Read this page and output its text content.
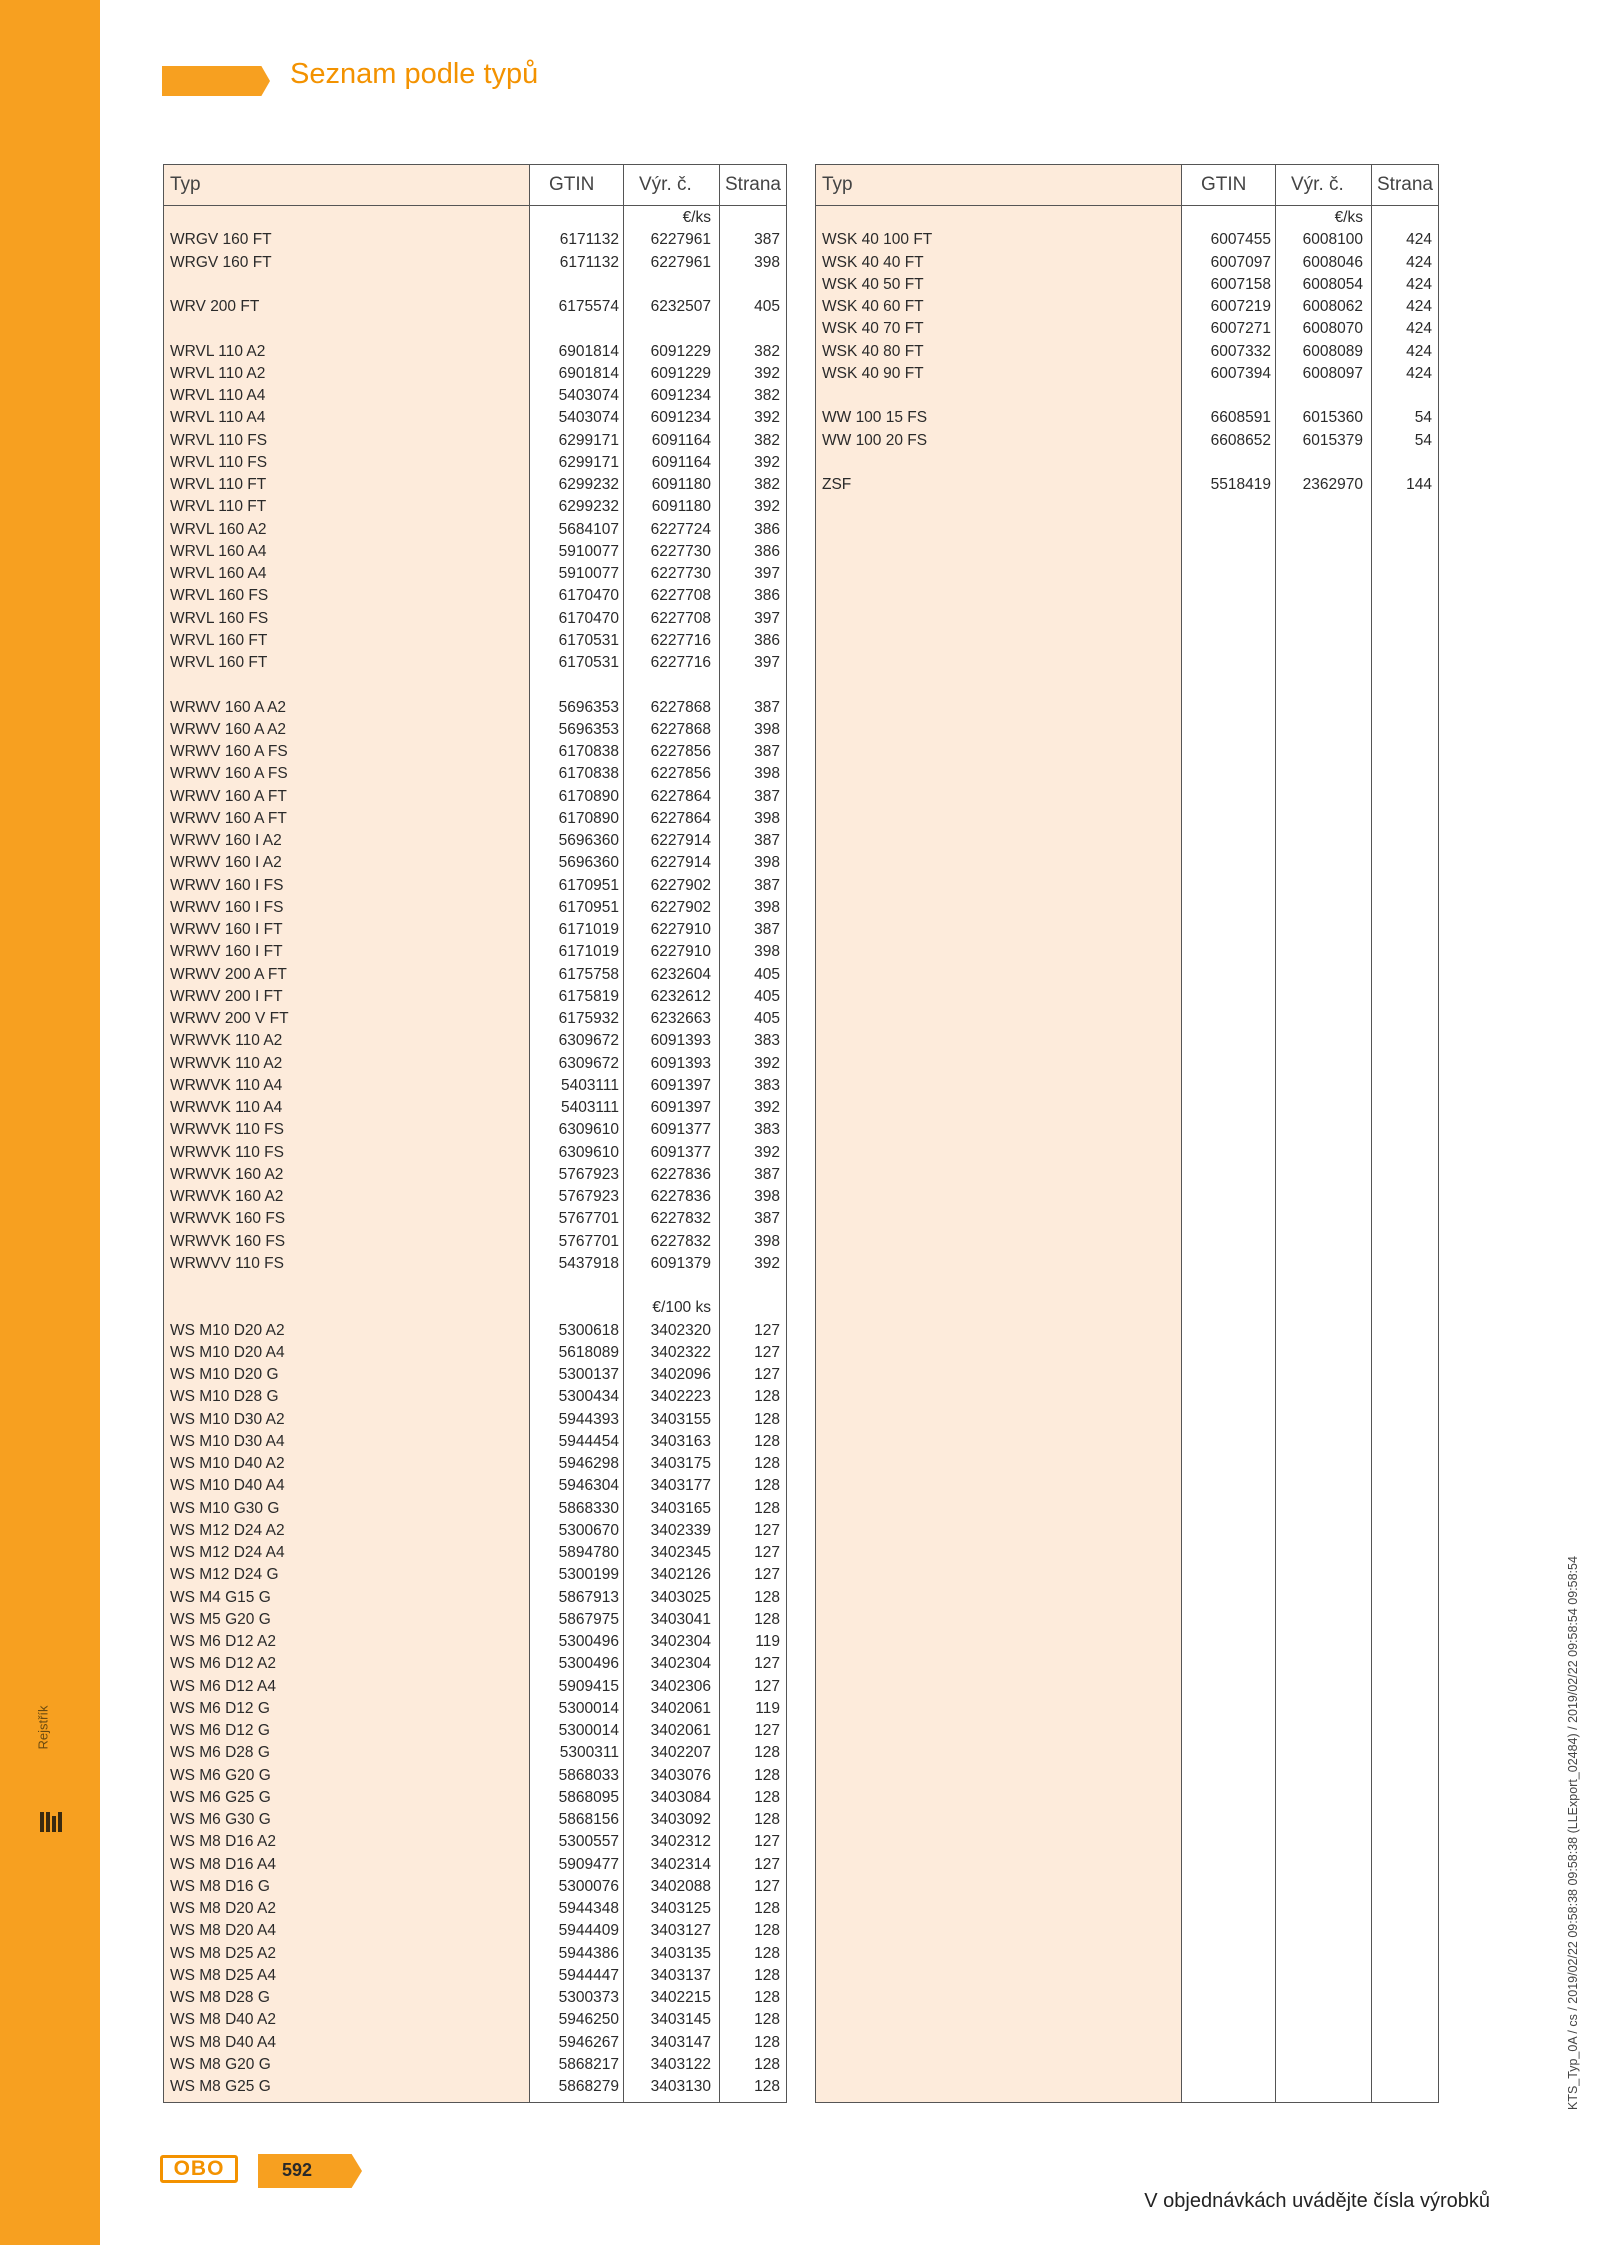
Rejstřík
Seznam podle typů
Typ	GTIN Výr. č. Strana
€/ks
WRGV 160 FT	6171132 6227961	387
WRGV 160 FT	6171132 6227961	398
WRV 200 FT	6175574 6232507	405
WRVL 110 A2	6901814 6091229	382
WRVL 110 A2	6901814 6091229	392
WRVL 110 A4	5403074 6091234	382
WRVL 110 A4	5403074 6091234	392
WRVL 110 FS	6299171 6091164	382
WRVL 110 FS	6299171 6091164	392
WRVL 110 FT	6299232 6091180	382
WRVL 110 FT	6299232 6091180	392
WRVL 160 A2	5684107 6227724	386
WRVL 160 A4	5910077 6227730	386
WRVL 160 A4	5910077 6227730	397
WRVL 160 FS	6170470 6227708	386
WRVL 160 FS	6170470 6227708	397
WRVL 160 FT	6170531 6227716	386
WRVL 160 FT	6170531 6227716	397
WRWV 160 A A2	5696353 6227868	387
WRWV 160 A A2	5696353 6227868	398
WRWV 160 A FS	6170838 6227856	387
WRWV 160 A FS	6170838 6227856	398
WRWV 160 A FT	6170890 6227864	387
WRWV 160 A FT	6170890 6227864	398
WRWV 160 I A2	5696360 6227914	387
WRWV 160 I A2	5696360 6227914	398
WRWV 160 I FS	6170951 6227902	387
WRWV 160 I FS	6170951 6227902	398
WRWV 160 I FT	6171019 6227910	387
WRWV 160 I FT	6171019 6227910	398
WRWV 200 A FT	6175758 6232604	405
WRWV 200 I FT	6175819 6232612	405
WRWV 200 V FT	6175932 6232663	405
WRWVK 110 A2	6309672 6091393	383
WRWVK 110 A2	6309672 6091393	392
WRWVK 110 A4	5403111 6091397	383
WRWVK 110 A4	5403111 6091397	392
WRWVK 110 FS	6309610 6091377	383
WRWVK 110 FS	6309610 6091377	392
WRWVK 160 A2	5767923 6227836	387
WRWVK 160 A2	5767923 6227836	398
WRWVK 160 FS	5767701 6227832	387
WRWVK 160 FS	5767701 6227832	398
WRWVV 110 FS	5437918 6091379	392
€/100 ks
WS M10 D20 A2	5300618 3402320	127
WS M10 D20 A4	5618089 3402322	127
WS M10 D20 G	5300137 3402096	127
WS M10 D28 G	5300434 3402223	128
WS M10 D30 A2	5944393 3403155	128
WS M10 D30 A4	5944454 3403163	128
WS M10 D40 A2	5946298 3403175	128
WS M10 D40 A4	5946304 3403177	128
WS M10 G30 G	5868330 3403165	128
WS M12 D24 A2	5300670 3402339	127
WS M12 D24 A4	5894780 3402345	127
WS M12 D24 G	5300199 3402126	127
WS M4 G15 G	5867913 3403025	128
WS M5 G20 G	5867975 3403041	128
WS M6 D12 A2	5300496 3402304	119
WS M6 D12 A2	5300496 3402304	127
WS M6 D12 A4	5909415 3402306	127
WS M6 D12 G	5300014 3402061	119
WS M6 D12 G	5300014 3402061	127
WS M6 D28 G	5300311 3402207	128
WS M6 G20 G	5868033 3403076	128
WS M6 G25 G	5868095 3403084	128
WS M6 G30 G	5868156 3403092	128
WS M8 D16 A2	5300557 3402312	127
WS M8 D16 A4	5909477 3402314	127
WS M8 D16 G	5300076 3402088	127
WS M8 D20 A2	5944348 3403125	128
WS M8 D20 A4	5944409 3403127	128
WS M8 D25 A2	5944386 3403135	128
WS M8 D25 A4	5944447 3403137	128
WS M8 D28 G	5300373 3402215	128
WS M8 D40 A2	5946250 3403145	128
WS M8 D40 A4	5946267 3403147	128
WS M8 G20 G	5868217 3403122	128
WS M8 G25 G	5868279 3403130	128
Typ	GTIN Výr. č. Strana
€/ks
WSK 40 100 FT	6007455 6008100	424
WSK 40 40 FT	6007097 6008046	424
WSK 40 50 FT	6007158 6008054	424
WSK 40 60 FT	6007219 6008062	424
WSK 40 70 FT	6007271 6008070	424
WSK 40 80 FT	6007332 6008089	424
WSK 40 90 FT	6007394 6008097	424
WW 100 15 FS	6608591 6015360	54
WW 100 20 FS	6608652 6015379	54
ZSF	5518419 2362970	144
OBO	592
V objednávkách uvádějte čísla výrobků
KTS_Typ_0A / cs / 2019/02/22 09:58:38 09:58:38 (LLExport_02484) / 2019/02/22 09:58:54 09:58:54
